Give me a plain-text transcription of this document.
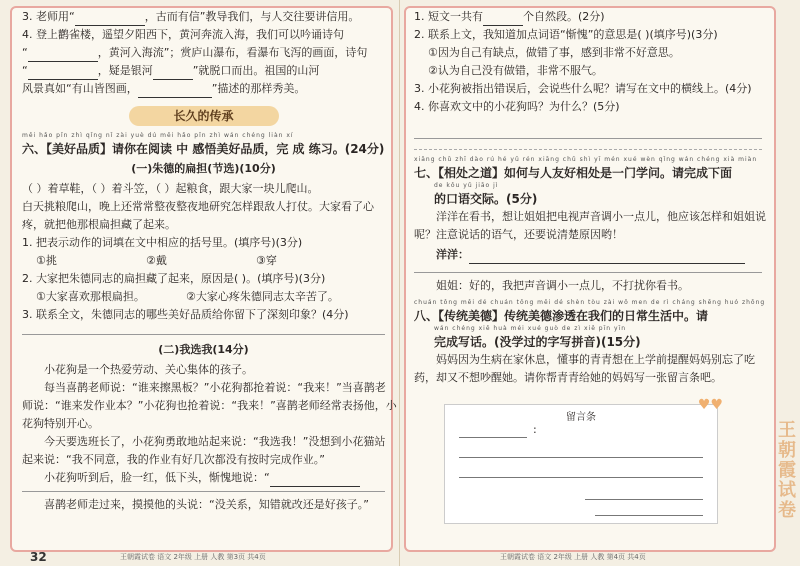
3. 老师用“	，古而有信”教导我们，与人交往要讲信用。
4. 登上鹳雀楼，遥望夕阳西下，黄河奔流入海，我们可以吟诵诗句
“	，黄河入海流”；赏庐山瀑布，看瀑布飞泻的画面，诗句
“	，疑是银河	”就脱口而出。祖国的山河
风景真如“有山皆图画，	”描述的那样秀美。
长久的传承
měi hǎo pǐn zhì qǐng nǐ zài yuè dú měi hǎo pǐn zhì wán chéng liàn xí
六、【美好品质】请你在阅读 中 感悟美好品质，完 成 练习。(24分)
(一)朱德的扁担(节选)(10分)
（ ）着草鞋，（ ）着斗笠，（ ）起粮食，跟大家一块儿爬山。
白天挑粮爬山，晚上还常常整夜整夜地研究怎样跟敌人打仗。大家看了心
疼，就把他那根扁担藏了起来。
1. 把表示动作的词填在文中相应的括号里。(填序号)(3分)
①挑	②戴	③穿
2. 大家把朱德同志的扁担藏了起来，原因是( )。(填序号)(3分)
①大家喜欢那根扁担。	②大家心疼朱德同志太辛苦了。
3. 联系全文，朱德同志的哪些美好品质给你留下了深刻印象？(4分)
(二)我选我(14分)
小花狗是一个热爱劳动、关心集体的孩子。
每当喜鹊老师说：“谁来擦黑板？”小花狗都抢着说：“我来！”当喜鹊老
师说：“谁来发作业本？”小花狗也抢着说：“我来！”喜鹊老师经常表扬他，小
花狗特别开心。
今天要选班长了，小花狗勇敢地站起来说：“我选我！”没想到小花猫站
起来说：“我不同意，我的作业有好几次都没有按时完成作业。”
小花狗听到后，脸一红，低下头，惭愧地说：“
喜鹊老师走过来，摸摸他的头说：“没关系，知错就改还是好孩子。”
32	王朝霞试卷 语文 2年级 上册 人教 第3页 共4页
1. 短文一共有	个自然段。(2分)
2. 联系上文，我知道加点词语“惭愧”的意思是( )(填序号)(3分)
①因为自己有缺点，做错了事，感到非常不好意思。
②认为自己没有做错，非常不服气。
3. 小花狗被指出错误后，会说些什么呢？请写在文中的横线上。(4分)
4. 你喜欢文中的小花狗吗？为什么？(5分)
xiāng chǔ zhī dào rú hé yǔ rén xiāng chǔ shì yī mén xué wèn qǐng wán chéng xià miàn
七、【相处之道】如何与人友好相处是一门学问。请完成下面
de kǒu yǔ jiāo jì
的口语交际。(5分)
洋洋在看书，想让姐姐把电视声音调小一点儿，他应该怎样和姐姐说
呢？注意说话的语气，还要说清楚原因哟！
洋洋：
姐姐：好的，我把声音调小一点儿，不打扰你看书。
chuán tǒng měi dé chuán tǒng měi dé shèn tòu zài wǒ men de rì cháng shēng huó zhōng
八、【传统美德】传统美德渗透在我们的日常生活中。请
wán chéng xiě huà méi xué guò de zì xiě pīn yīn
完成写话。(没学过的字写拼音)(15分)
妈妈因为生病在家休息，懂事的青青想在上学前提醒妈妈别忘了吃
药，却又不想吵醒她。请你帮青青给她的妈妈写一张留言条吧。
♥♥
留言条
:	王朝霞试卷
王朝霞试卷 语文 2年级 上册 人教 第4页 共4页
